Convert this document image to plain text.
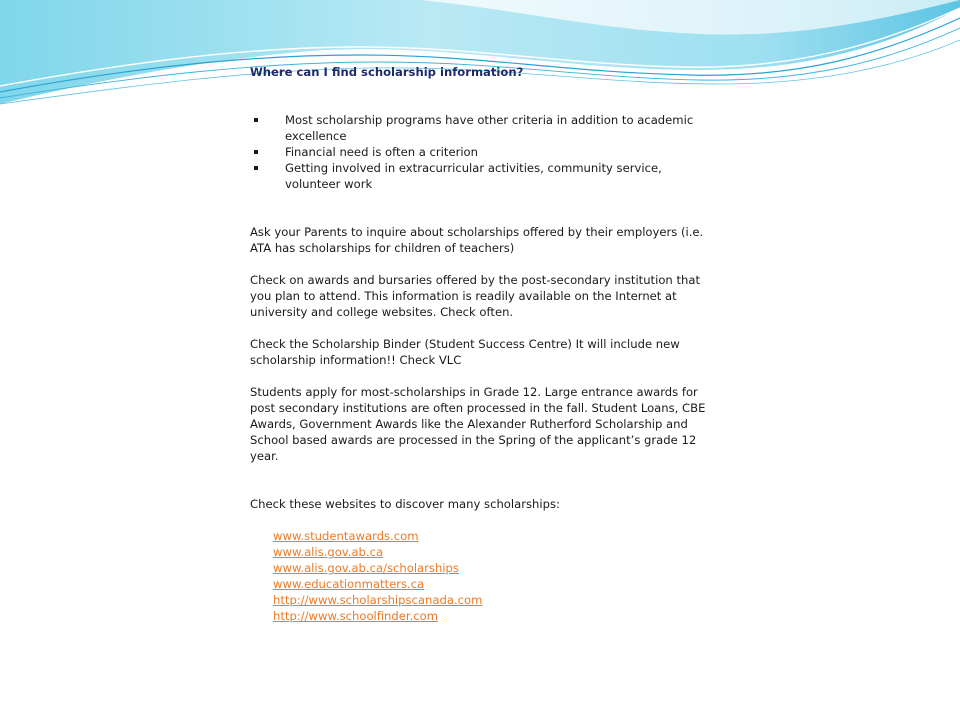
Where can I find scholarship information?
Most scholarship programs have other criteria in addition to academic excellence
Financial need is often a criterion
Getting involved in extracurricular activities, community service, volunteer work

Ask your Parents to inquire about scholarships offered by their employers (i.e. ATA has scholarships for children of teachers)

Check on awards and bursaries offered by the post-secondary institution that you plan to attend. This information is readily available on the Internet at university and college websites. Check often.

Check the Scholarship Binder (Student Success Centre) It will include new scholarship information!! Check VLC

Students apply for most-scholarships in Grade 12. Large entrance awards for post secondary institutions are often processed in the fall. Student Loans, CBE Awards, Government Awards like the Alexander Rutherford Scholarship and School based awards are processed in the Spring of the applicant’s grade 12 year.

Check these websites to discover many scholarships:

www.studentawards.com
www.alis.gov.ab.ca
www.alis.gov.ab.ca/scholarships
www.educationmatters.ca
http://www.scholarshipscanada.com
http://www.schoolfinder.com
